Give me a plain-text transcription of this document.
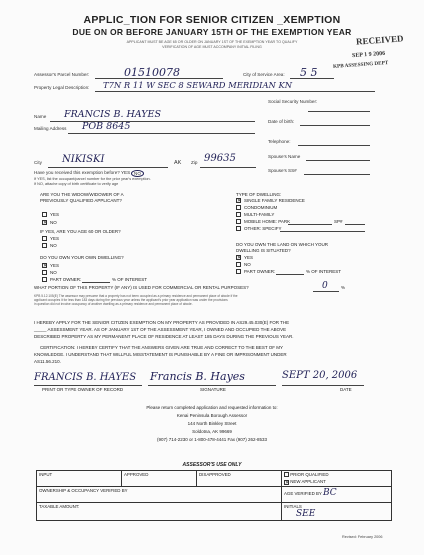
APPLIC_TION FOR SENIOR CITIZEN _XEMPTION
DUE ON OR BEFORE JANUARY 15TH OF THE EXEMPTION YEAR
APPLICANT MUST BE AGE 65 OR OLDER ON JANUARY 1ST OF THE EXEMPTION YEAR TO QUALIFY
VERIFICATION OF AGE MUST ACCOMPANY INITIAL FILING
RECEIVED
SEP 1 9 2006
KPB ASSESSING DEPT
Assessor's Parcel Number:	01510078	City of Service Area: 5 5
Property Legal Description: T7N R 11 W SEC 8 SEWARD MERIDIAN KN
Social Security Number:
Date of birth:
Telephone:
Spouse's Name
Spouse's SS#
Name FRANCIS B. HAYES
Mailing Address POB 8645
City NIKISKI	AK Zip 99635
Have you received this exemption before? YES NO
If YES, list the occupant/parcel number for the prior year's exemption.
If NO, attache copy of birth certificate to verify age
ARE YOU THE WIDOW/WIDOWER OF A
PREVIOUSLY QUALIFIED APPLICANT?
YES
✕ NO
IF YES, ARE YOU AGE 60 OR OLDER?
YES
NO
DO YOU OWN YOUR OWN DWELLING?
✕ YES
NO
PART OWNER:	% OF INTEREST
TYPE OF DWELLING:
✕ SINGLE FAMILY RESIDENCE
CONDOMINIUM
MULTI-FAMILY
MOBILE HOME: PARK	SP#
OTHER: SPECIFY
DO YOU OWN THE LAND ON WHICH YOUR
DWELLING IS SITUATED?
✕ YES
NO
PART OWNER:	% OF INTEREST
WHAT PORTION OF THIS PROPERTY (IF ANY) IS USED FOR COMMERCIAL OR RENTAL PURPOSES?	0	%
KPB 5.12.105(E) The assessor may presume that a property has not been occupied as a primary residence and permanent place of abode if the
applicant occupies it for less than 183 days during the previous year unless the applicant's prior year application was under the provisions
in question did not involve occupancy of another dwelling as a primary residence and permanent place of abode.
I HEREBY APPLY FOR THE SENIOR CITIZEN EXEMPTION ON MY PROPERTY AS PROVIDED IN AS29.45.030(E) FOR THE
_____ ASSESSMENT YEAR. AS OF JANUARY 1ST OF THE ASSESSMENT YEAR, I OWNED AND OCCUPIED THE ABOVE
DESCRIBED PROPERTY AS MY PERMANENT PLACE OF RESIDENCE AT LEAST 185 DAYS DURING THE PREVIOUS YEAR.
CERTIFICATION: I HEREBY CERTIFY THAT THE ANSWERS GIVEN ARE TRUE AND CORRECT TO THE BEST OF MY
KNOWLEDGE. I UNDERSTAND THAT WILLFUL MISSTATEMENT IS PUNISHABLE BY A FINE OR IMPRISONMENT UNDER
AS11.56.210.
FRANCIS B. HAYES Francis B. Hayes	SEPT 20, 2006
PRINT OR TYPE OWNER OF RECORD	SIGNATURE	DATE
Please return completed application and requested information to:
Kenai Peninsula Borough Assessor
144 North Binkley Street
Soldotna, AK 99669
(907) 714-2230 or 1-800-478-4441 Fax (907) 262-8533
ASSESSOR'S USE ONLY
INPUT	APPROVED	DISAPPROVED	PRIOR QUALIFIED
✕ NEW APPLICANT

OWNERSHIP & OCCUPANCY VERIFIED BY			AGE VERIFIED BY BC
TAXABLE AMOUNT:			INITIALS
SEE
Revised: February 2006
